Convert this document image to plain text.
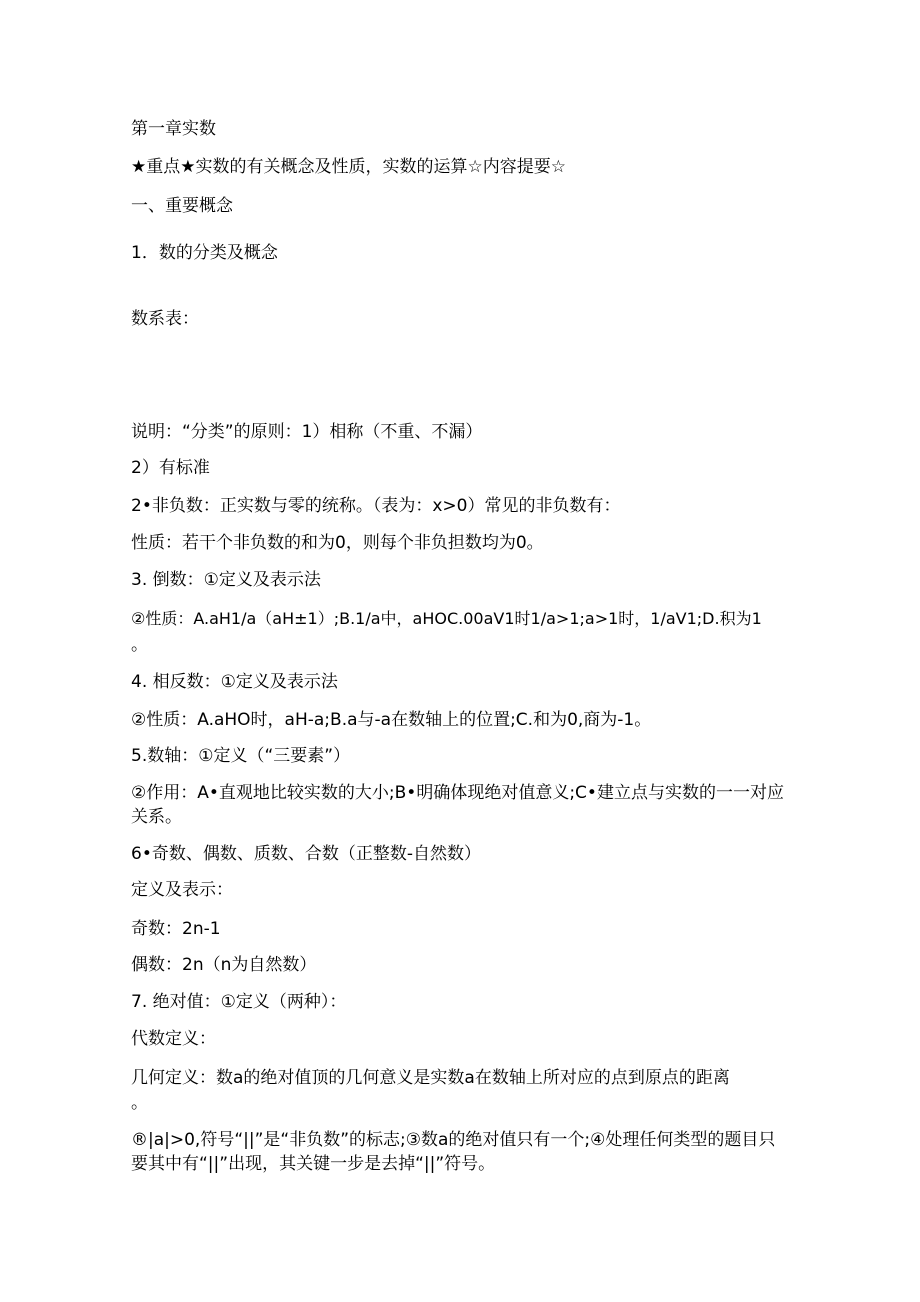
第一章实数
★重点★实数的有关概念及性质，实数的运算☆内容提要☆
一、重要概念
1．数的分类及概念
数系表：
说明：“分类”的原则：1）相称（不重、不漏）
2）有标准
2•非负数：正实数与零的统称。（表为：x>0）常见的非负数有：
性质：若干个非负数的和为0，则每个非负担数均为0。
3. 倒数：①定义及表示法
②性质：A.aH1/a（aH±1）;B.1/a中，aHOC.00aV1时1/a>1;a>1时，1/aV1;D.积为1
。
4. 相反数：①定义及表示法
②性质：A.aHO时，aH-a;B.a与-a在数轴上的位置;C.和为0,商为-1。
5.数轴：①定义（“三要素”）
②作用：A•直观地比较实数的大小;B•明确体现绝对值意义;C•建立点与实数的一一对应关系。
6•奇数、偶数、质数、合数（正整数-自然数）
定义及表示：
奇数：2n-1
偶数：2n（n为自然数）
7. 绝对值：①定义（两种）：
代数定义：
几何定义：数a的绝对值顶的几何意义是实数a在数轴上所对应的点到原点的距离
。
®|a|>0,符号“||”是“非负数”的标志;③数a的绝对值只有一个;④处理任何类型的题目只要其中有“||”出现，其关键一步是去掉“||”符号。
